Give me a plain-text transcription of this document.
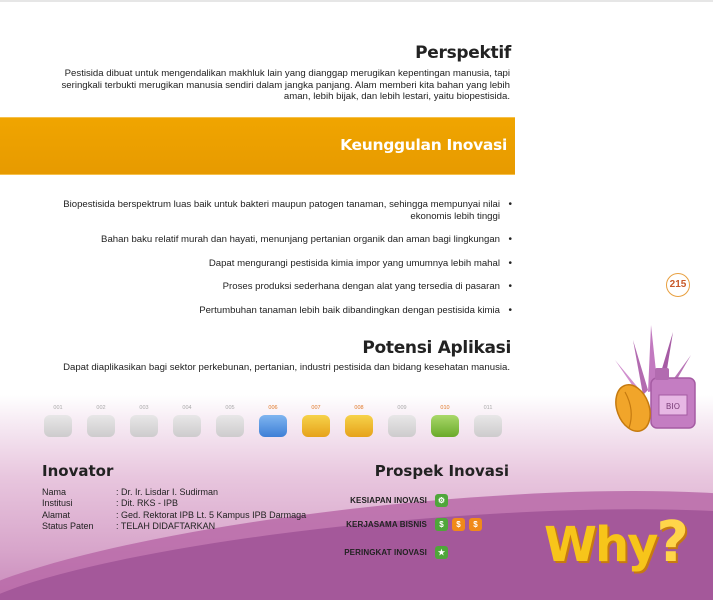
Perspektif

Pestisida dibuat untuk mengendalikan makhluk lain yang dianggap merugikan kepentingan manusia, tapi seringkali terbukti merugikan manusia sendiri dalam jangka panjang. Alam memberi kita bahan yang lebih aman, lebih bijak, dan lebih lestari, yaitu biopestisida.

Keunggulan Inovasi
Biopestisida berspektrum luas baik untuk bakteri maupun patogen tanaman, sehingga mempunyai nilai ekonomis lebih tinggi
•
Bahan baku relatif murah dan hayati, menunjang pertanian organik dan aman bagi lingkungan •
Dapat mengurangi pestisida kimia impor yang umumnya lebih mahal •
Proses produksi sederhana dengan alat yang tersedia di pasaran •
Pertumbuhan tanaman lebih baik dibandingkan dengan pestisida kimia •
215
Potensi Aplikasi

Dapat diaplikasikan bagi sektor perkebunan, pertanian, industri pestisida dan bidang kesehatan manusia.

BIO
001	002	003	004	005	006	007	008	009	010	011
Inovator
Nama	: Dr. Ir. Lisdar I. Sudirman
Institusi	: Dit. RKS - IPB
Alamat	: Ged. Rektorat IPB Lt. 5 Kampus IPB Darmaga
Status Paten	: TELAH DIDAFTARKAN
Prospek Inovasi
KESIAPAN INOVASI	⚙
KERJASAMA BISNIS	$	$	$
PERINGKAT INOVASI	★ Why?
